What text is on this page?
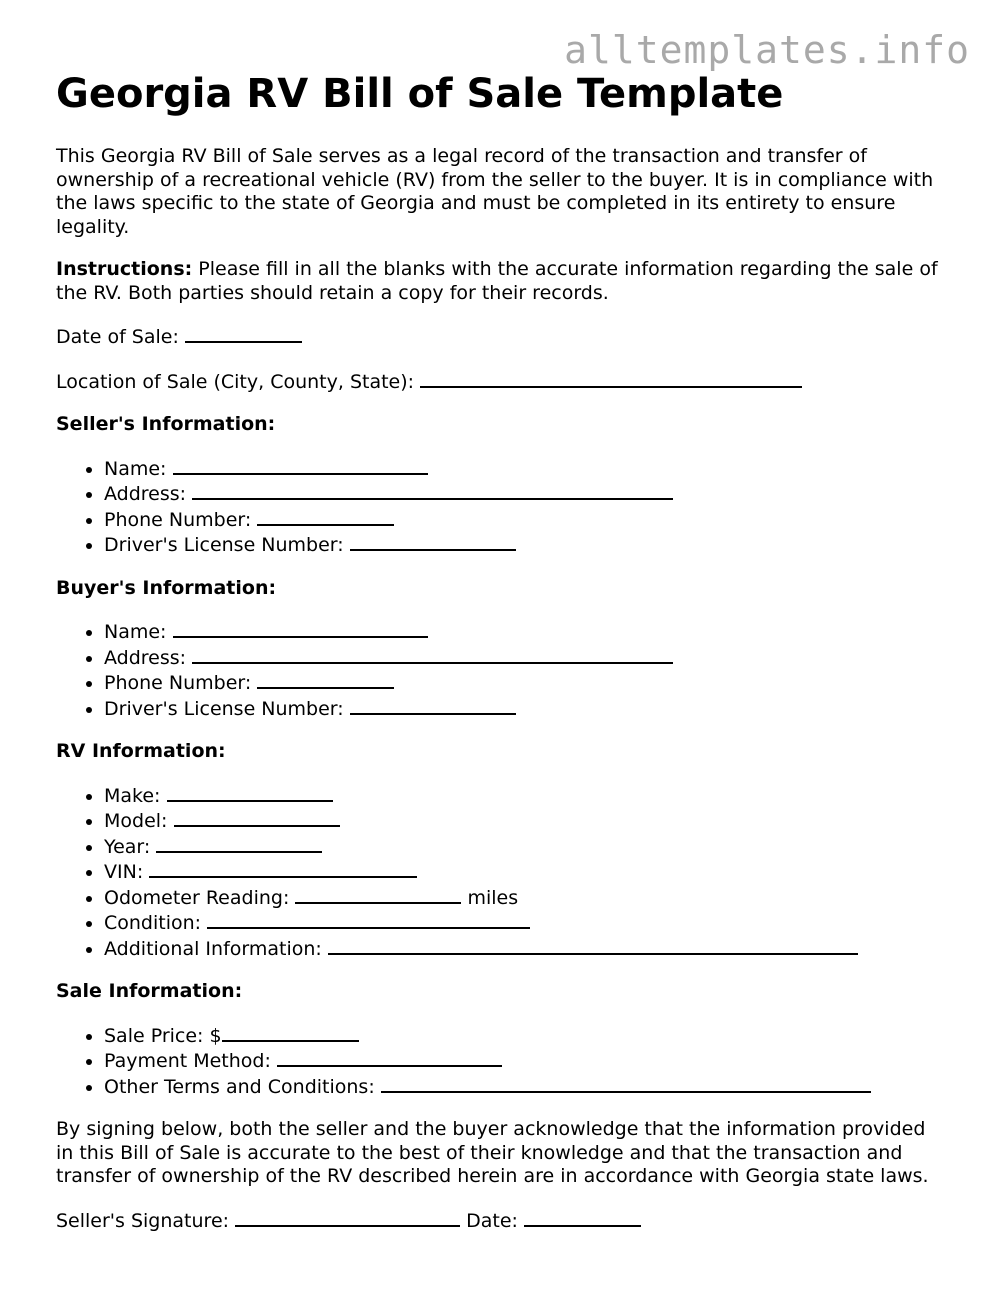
alltemplates.info
Georgia RV Bill of Sale Template

This Georgia RV Bill of Sale serves as a legal record of the transaction and transfer of ownership of a recreational vehicle (RV) from the seller to the buyer. It is in compliance with the laws specific to the state of Georgia and must be completed in its entirety to ensure legality.

Instructions: Please fill in all the blanks with the accurate information regarding the sale of the RV. Both parties should retain a copy for their records.

Date of Sale:

Location of Sale (City, County, State):

Seller's Information:
• Name:
• Address:
• Phone Number:
• Driver's License Number:
Buyer's Information:
• Name:
• Address:
• Phone Number:
• Driver's License Number:
RV Information:
• Make:
• Model:
• Year:
• VIN:
• Odometer Reading:	miles
• Condition:
• Additional Information:
Sale Information:
• Sale Price: $
• Payment Method:
• Other Terms and Conditions:

By signing below, both the seller and the buyer acknowledge that the information provided in this Bill of Sale is accurate to the best of their knowledge and that the transaction and transfer of ownership of the RV described herein are in accordance with Georgia state laws.

Seller's Signature:	Date:
